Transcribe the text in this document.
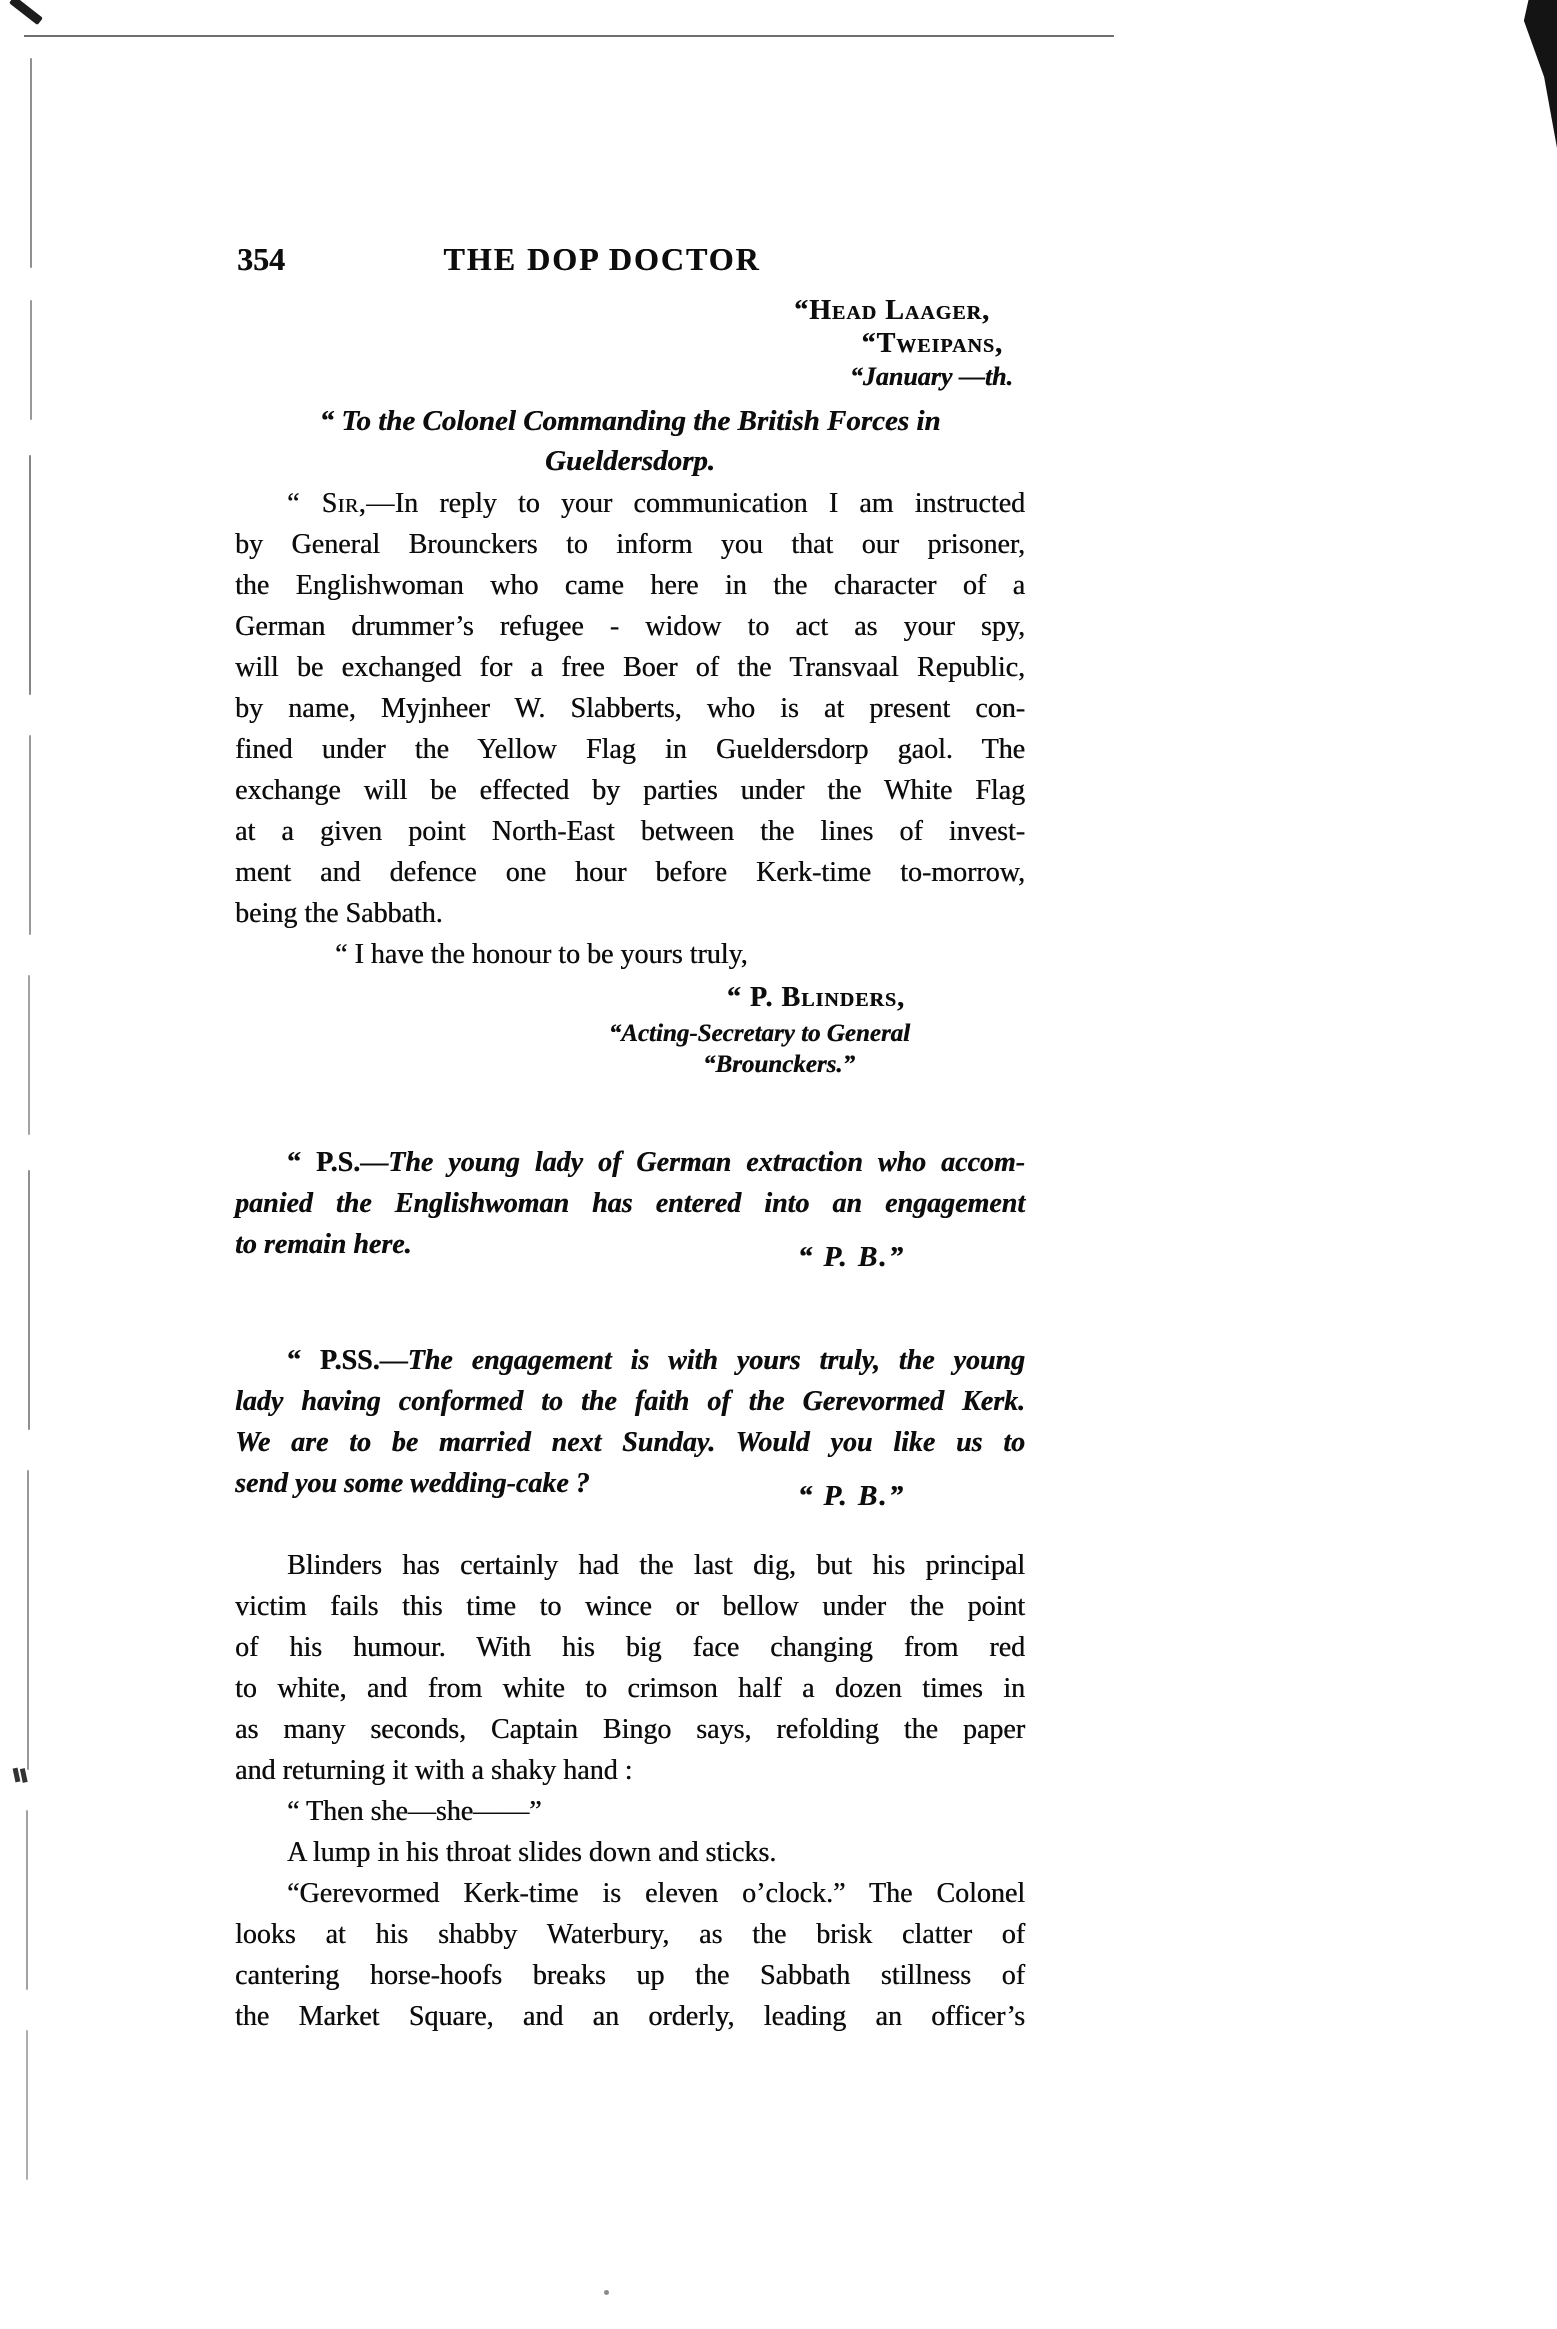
354	THE DOP DOCTOR
“Head Laager,
“Tweipans,
“January —th.
“ To the Colonel Commanding the British Forces in
Gueldersdorp.
“ Sir,—In reply to your communication I am instructed
by General Brounckers to inform you that our prisoner,
the Englishwoman who came here in the character of a
German drummer’s refugee - widow to act as your spy,
will be exchanged for a free Boer of the Transvaal Republic,
by name, Myjnheer W. Slabberts, who is at present con-
fined under the Yellow Flag in Gueldersdorp gaol. The
exchange will be effected by parties under the White Flag
at a given point North-East between the lines of invest-
ment and defence one hour before Kerk-time to-morrow,
being the Sabbath.
“ I have the honour to be yours truly,
“ P. Blinders,
“Acting-Secretary to General
“Brounckers.”
“ P.S.—The young lady of German extraction who accom-
panied the Englishwoman has entered into an engagement
to remain here.	“ P. B.”
“ P.SS.—The engagement is with yours truly, the young
lady having conformed to the faith of the Gerevormed Kerk.
We are to be married next Sunday. Would you like us to
send you some wedding-cake ?	“ P. B.”
Blinders has certainly had the last dig, but his principal
victim fails this time to wince or bellow under the point
of his humour. With his big face changing from red
to white, and from white to crimson half a dozen times in
as many seconds, Captain Bingo says, refolding the paper
and returning it with a shaky hand :
“ Then she—she——”
A lump in his throat slides down and sticks.
“Gerevormed Kerk-time is eleven o’clock.” The Colonel
looks at his shabby Waterbury, as the brisk clatter of
cantering horse-hoofs breaks up the Sabbath stillness of
the Market Square, and an orderly, leading an officer’s
